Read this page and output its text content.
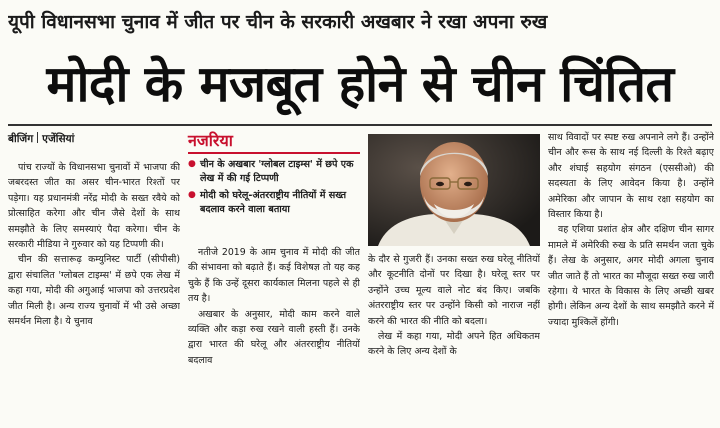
यूपी विधानसभा चुनाव में जीत पर चीन के सरकारी अखबार ने रखा अपना रुख
मोदी के मजबूत होने से चीन चिंतित
बीजिंग एजेंसियां

पांच राज्यों के विधानसभा चुनावों में भाजपा की जबरदस्त जीत का असर चीन-भारत रिश्तों पर पड़ेगा। यह प्रधानमंत्री नरेंद्र मोदी के सख्त रवैये को प्रोत्साहित करेगा और चीन जैसे देशों के साथ समझौते के लिए समस्याएं पैदा करेगा। चीन के सरकारी मीडिया ने गुरुवार को यह टिप्पणी की।

चीन की सत्तारूढ़ कम्युनिस्ट पार्टी (सीपीसी) द्वारा संचालित 'ग्लोबल टाइम्स' में छपे एक लेख में कहा गया, मोदी की अगुआई भाजपा को उत्तरप्रदेश जीत मिली है। अन्य राज्य चुनावों में भी उसे अच्छा समर्थन मिला है। ये चुनाव

नजरिया
● चीन के अखबार 'ग्लोबल टाइम्स' में छपे एक लेख में की गई टिप्पणी
● मोदी को घरेलू-अंतरराष्ट्रीय नीतियों में सख्त बदलाव करने वाला बताया

नतीजे 2019 के आम चुनाव में मोदी की जीत की संभावना को बढ़ाते हैं। कई विशेषज्ञ तो यह कह चुके हैं कि उन्हें दूसरा कार्यकाल मिलना पहले से ही तय है।

अखबार के अनुसार, मोदी काम करने वाले व्यक्ति और कड़ा रुख रखने वाली हस्ती हैं। उनके द्वारा भारत की घरेलू और अंतरराष्ट्रीय नीतियों बदलाव

के दौर से गुजरी हैं। उनका सख्त रुख घरेलू नीतियों और कूटनीति दोनों पर दिखा है। घरेलू स्तर पर उन्होंने उच्च मूल्य वाले नोट बंद किए। जबकि अंतरराष्ट्रीय स्तर पर उन्होंने किसी को नाराज नहीं करने की भारत की नीति को बदला।

लेख में कहा गया, मोदी अपने हित अधिकतम करने के लिए अन्य देशों के

साथ विवादों पर स्पष्ट रुख अपनाने लगे हैं। उन्होंने चीन और रूस के साथ नई दिल्ली के रिश्ते बढ़ाए और शंघाई सहयोग संगठन (एससीओ) की सदस्यता के लिए आवेदन किया है। उन्होंने अमेरिका और जापान के साथ रक्षा सहयोग का विस्तार किया है।

वह एशिया प्रशांत क्षेत्र और दक्षिण चीन सागर मामले में अमेरिकी रुख के प्रति समर्थन जता चुके हैं। लेख के अनुसार, अगर मोदी अगला चुनाव जीत जाते हैं तो भारत का मौजूदा सख्त रुख जारी रहेगा। ये भारत के विकास के लिए अच्छी खबर होगी। लेकिन अन्य देशों के साथ समझौते करने में ज्यादा मुश्किलें होंगी।
